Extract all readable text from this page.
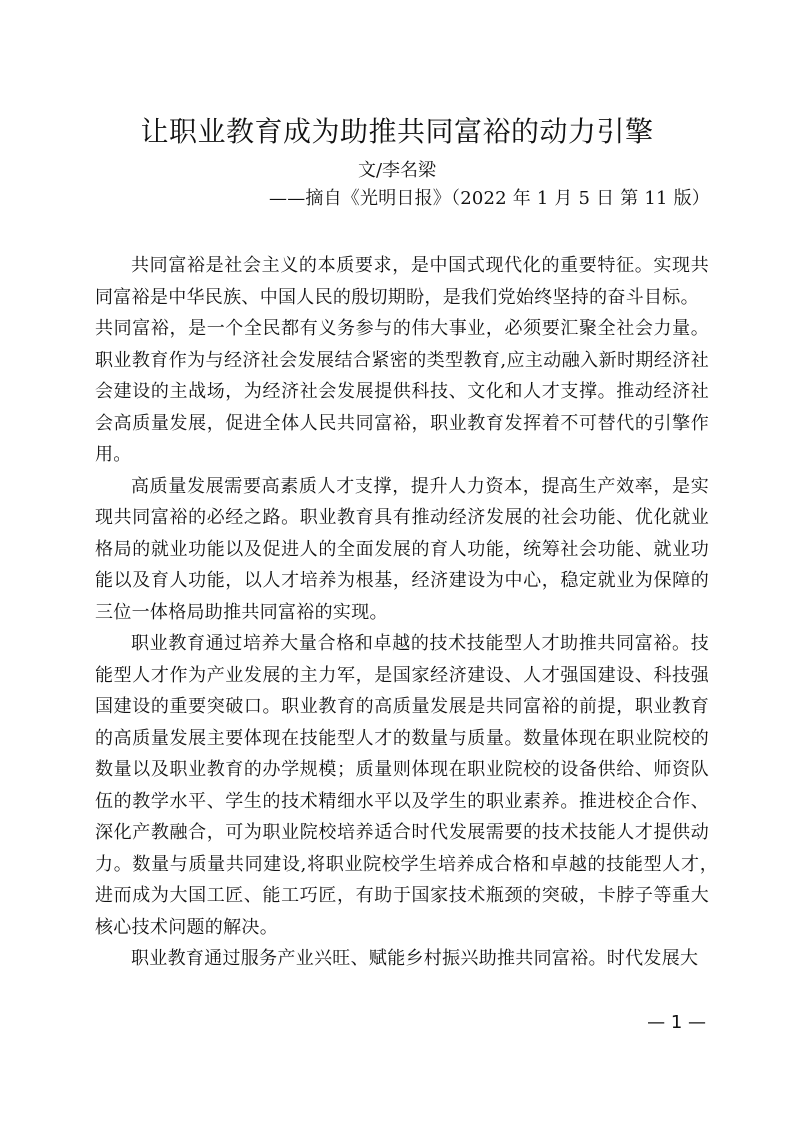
让职业教育成为助推共同富裕的动力引擎
文/李名梁
——摘自《光明日报》（2022 年 1 月 5 日 第 11 版）

共同富裕是社会主义的本质要求，是中国式现代化的重要特征。实现共同富裕是中华民族、中国人民的殷切期盼，是我们党始终坚持的奋斗目标。

共同富裕，是一个全民都有义务参与的伟大事业，必须要汇聚全社会力量。职业教育作为与经济社会发展结合紧密的类型教育,应主动融入新时期经济社会建设的主战场，为经济社会发展提供科技、文化和人才支撑。推动经济社会高质量发展，促进全体人民共同富裕，职业教育发挥着不可替代的引擎作用。

高质量发展需要高素质人才支撑，提升人力资本，提高生产效率，是实现共同富裕的必经之路。职业教育具有推动经济发展的社会功能、优化就业　格局的就业功能以及促进人的全面发展的育人功能，统筹社会功能、就业功能以及育人功能，以人才培养为根基，经济建设为中心，稳定就业为保障的三位一体格局助推共同富裕的实现。

职业教育通过培养大量合格和卓越的技术技能型人才助推共同富裕。技能型人才作为产业发展的主力军，是国家经济建设、人才强国建设、科技强国建设的重要突破口。职业教育的高质量发展是共同富裕的前提，职业教育的高质量发展主要体现在技能型人才的数量与质量。数量体现在职业院校的数量以及职业教育的办学规模；质量则体现在职业院校的设备供给、师资队伍的教学水平、学生的技术精细水平以及学生的职业素养。推进校企合作、深化产教融合，可为职业院校培养适合时代发展需要的技术技能人才提供动力。数量与质量共同建设,将职业院校学生培养成合格和卓越的技能型人才，　进而成为大国工匠、能工巧匠，有助于国家技术瓶颈的突破，卡脖子等重大核心技术问题的解决。

职业教育通过服务产业兴旺、赋能乡村振兴助推共同富裕。时代发展大

— 1 —
